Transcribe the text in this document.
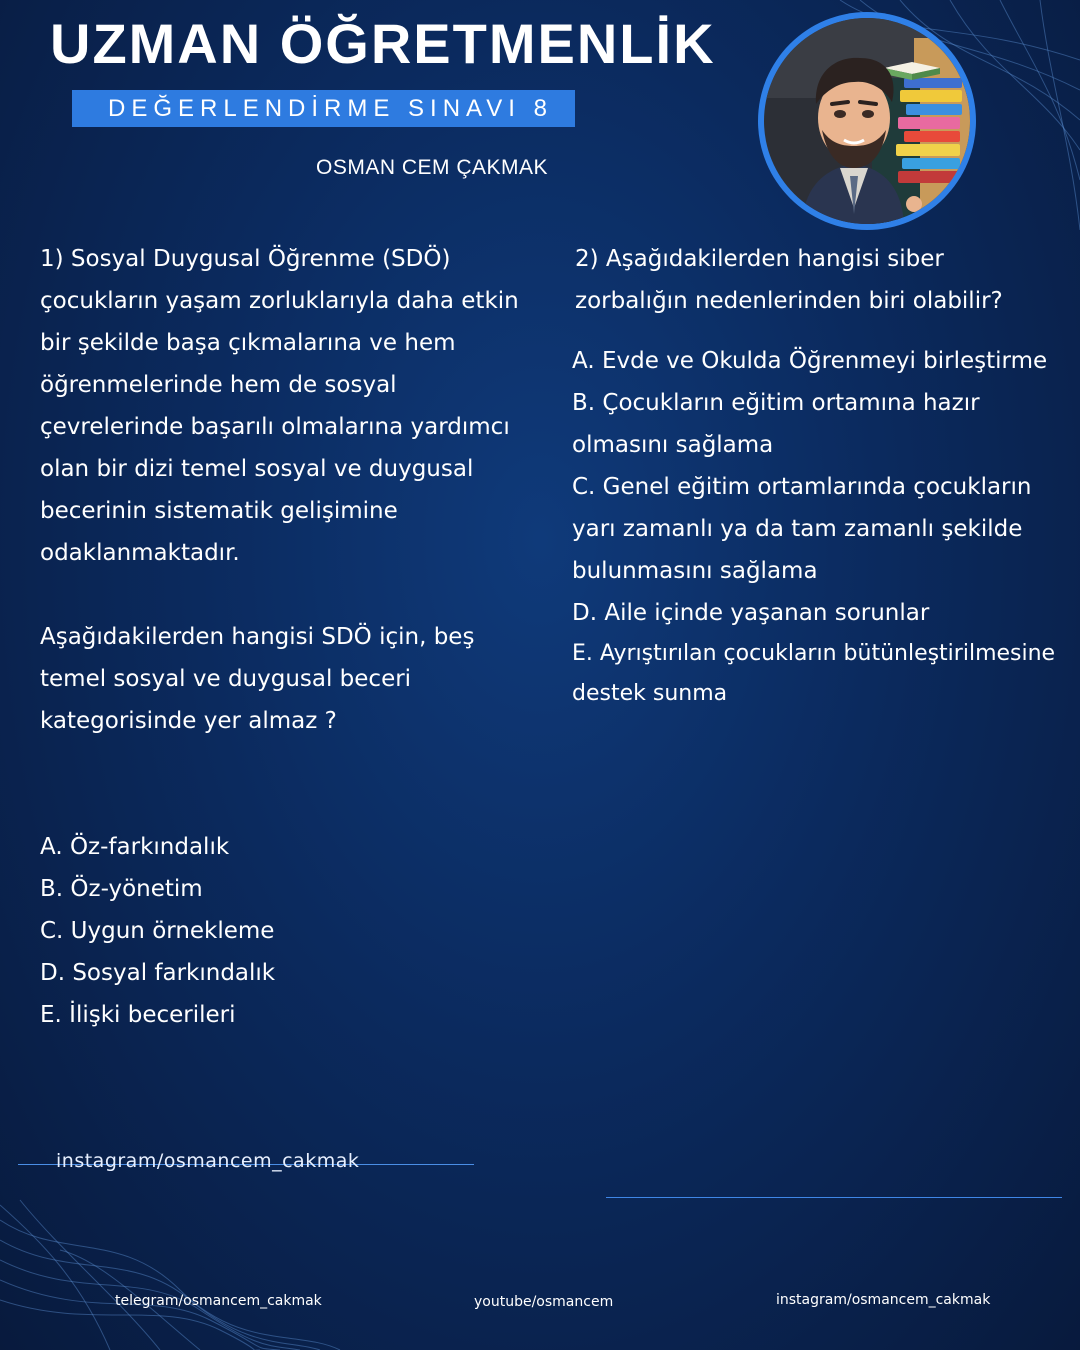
UZMAN ÖĞRETMENLİK
DEĞERLENDİRME SINAVI 8
OSMAN CEM ÇAKMAK

1) Sosyal Duygusal Öğrenme (SDÖ) çocukların yaşam zorluklarıyla daha etkin bir şekilde başa çıkmalarına ve hem öğrenmelerinde hem de sosyal çevrelerinde başarılı olmalarına yardımcı olan bir dizi temel sosyal ve duygusal becerinin sistematik gelişimine odaklanmaktadır.

Aşağıdakilerden hangisi SDÖ için, beş temel sosyal ve duygusal beceri kategorisinde yer almaz ?

A. Öz-farkındalık
B. Öz-yönetim
C. Uygun örnekleme
D. Sosyal farkındalık
E. İlişki becerileri

2) Aşağıdakilerden hangisi siber zorbalığın nedenlerinden biri olabilir?

A. Evde ve Okulda Öğrenmeyi birleştirme
B. Çocukların eğitim ortamına hazır olmasını sağlama
C. Genel eğitim ortamlarında çocukların yarı zamanlı ya da tam zamanlı şekilde bulunmasını sağlama
D. Aile içinde yaşanan sorunlar
E. Ayrıştırılan çocukların bütünleştirilmesine destek sunma
instagram/osmancem_cakmak
telegram/osmancem_cakmak	youtube/osmancem	instagram/osmancem_cakmak
